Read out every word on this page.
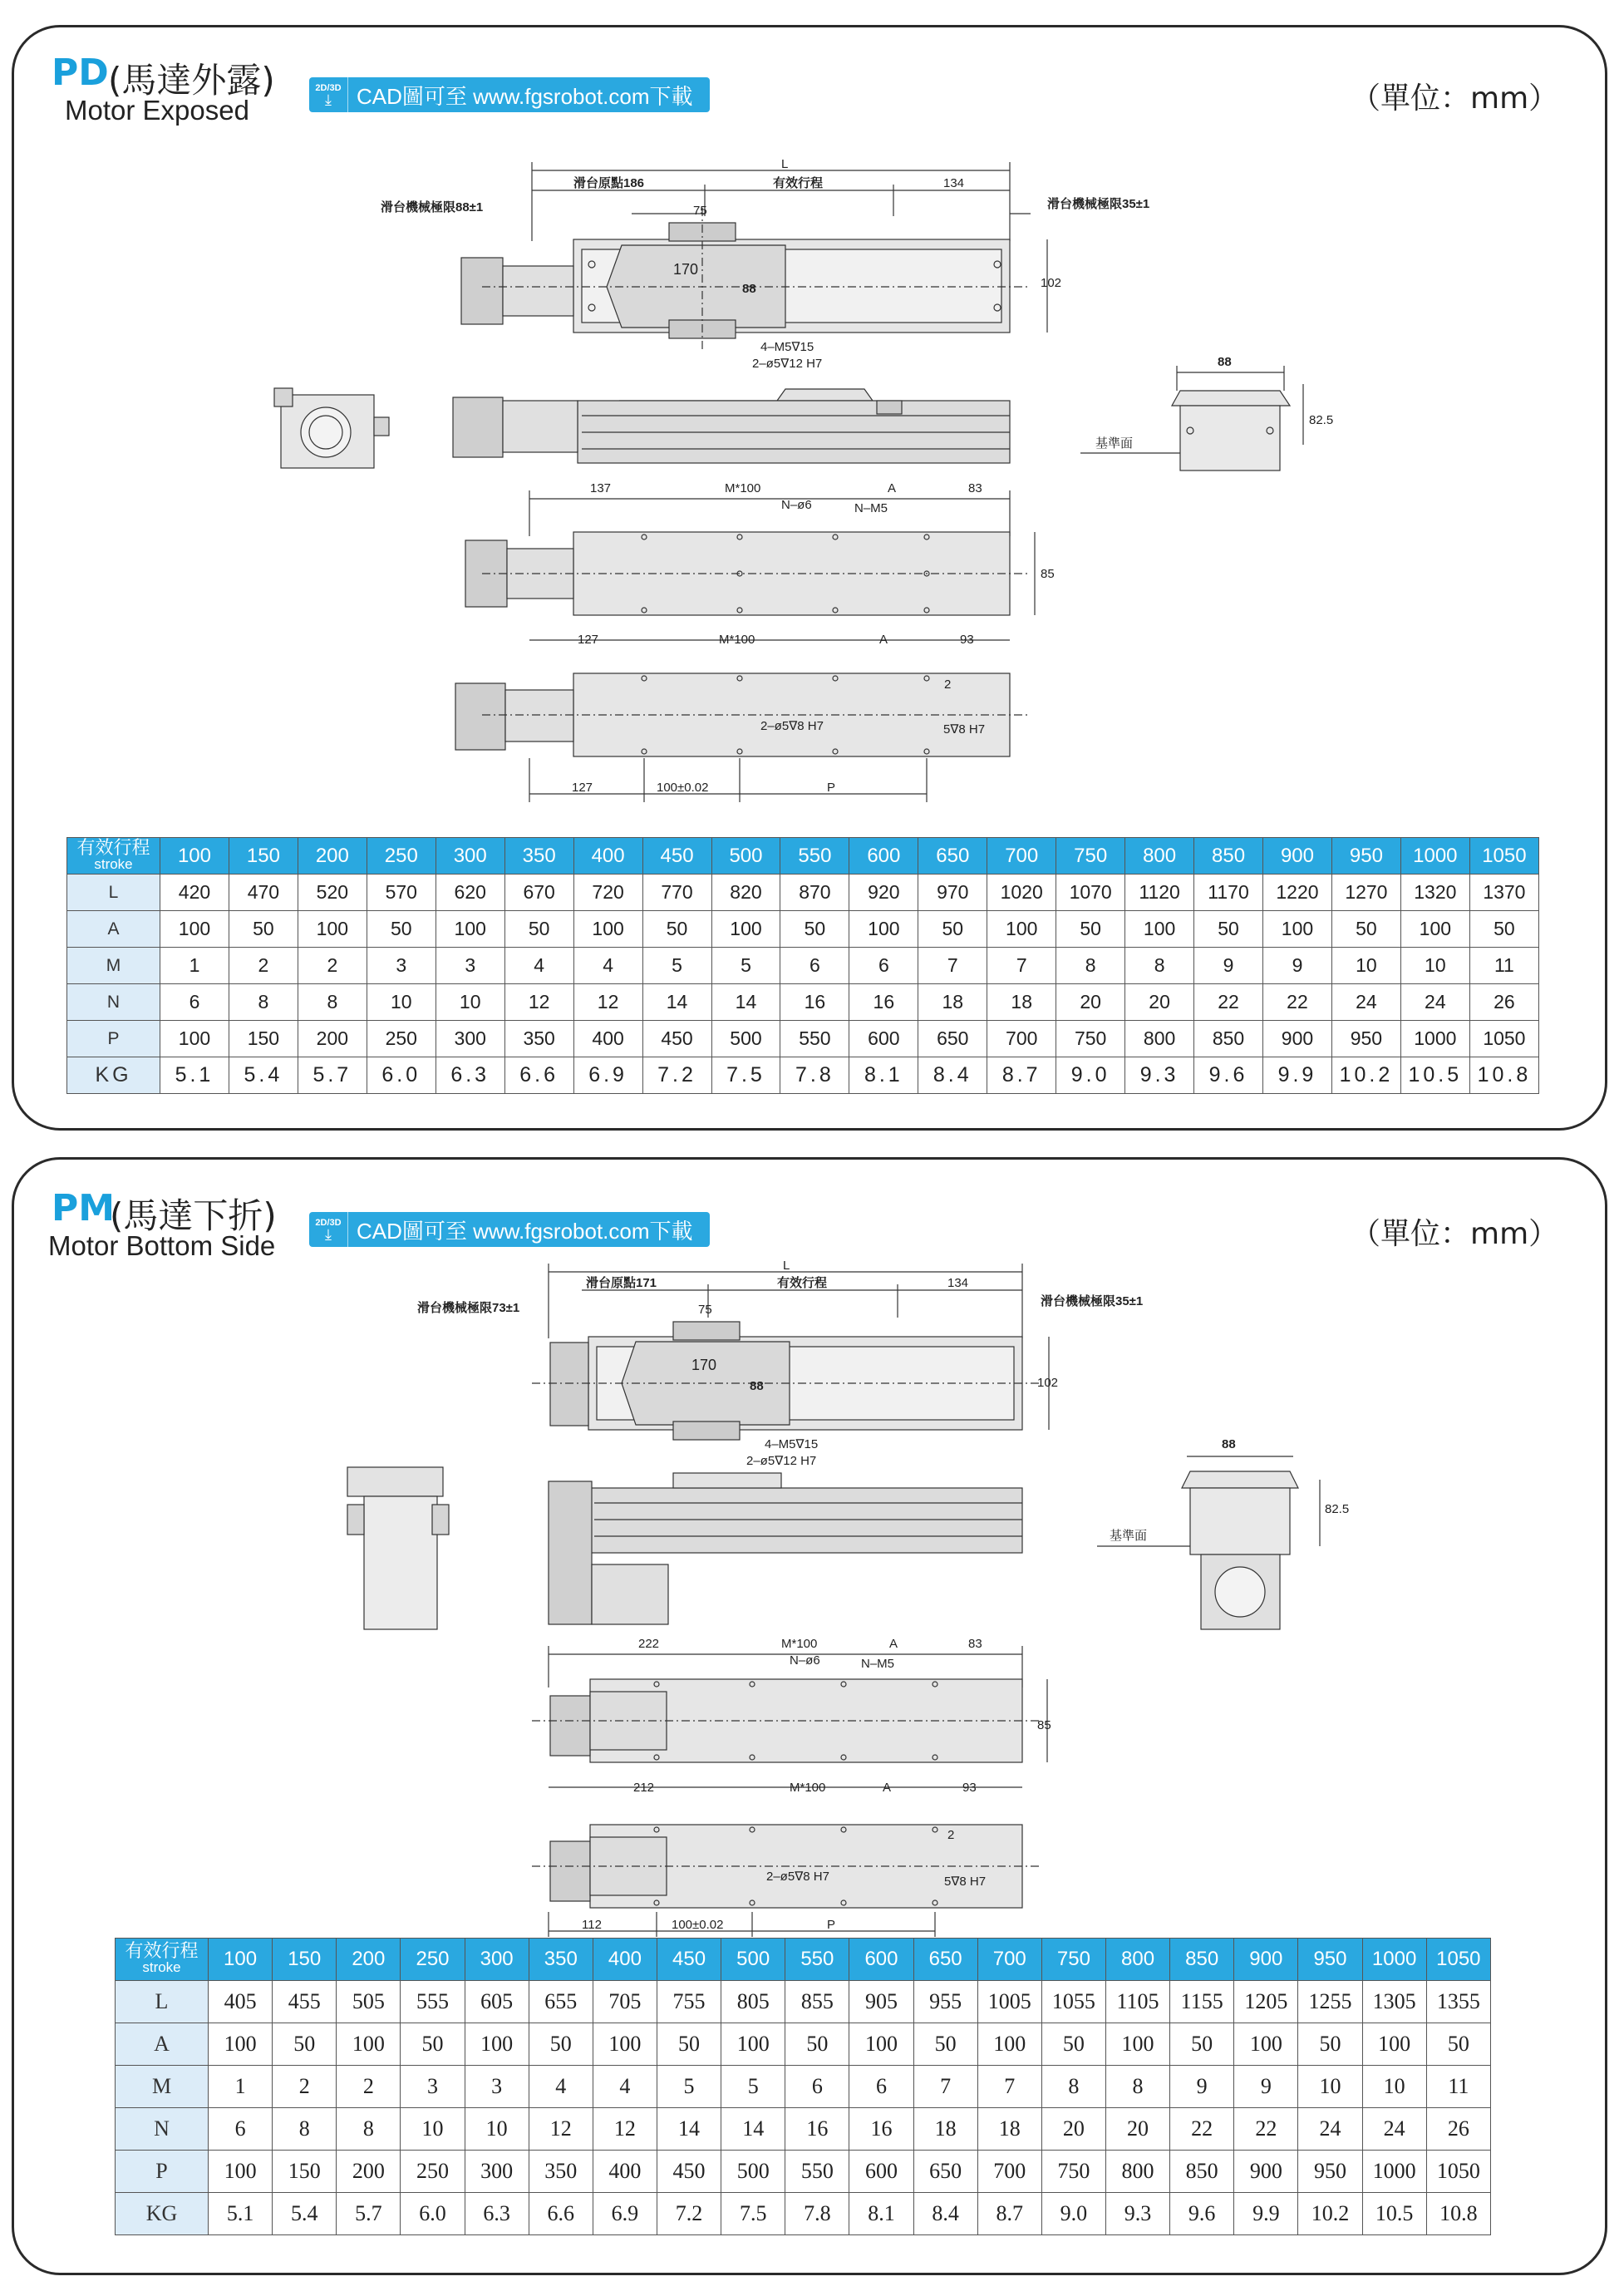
PD (馬達外露)
Motor Exposed
2D/3D
⤓ CAD圖可至 www.fgsrobot.com下載	（單位：mm）
L
滑台原點186	有效行程	134
滑台機械極限88±1	滑台機械極限35±1
75
170
88	102
4–M5∇15
2–ø5∇12 H7	88
82.5
基準面
137	M*100	A	83
N–ø6	N–M5
85
127	M*100	A	93
2
2–ø5∇8 H7	5∇8 H7
127	100±0.02	P
有效行程
stroke	100	150	200	250	300	350	400	450	500	550	600	650	700	750	800	850	900	950	1000	1050
L	420	470	520	570	620	670	720	770	820	870	920	970	1020	1070	1120	1170	1220	1270	1320	1370
A	100	50	100	50	100	50	100	50	100	50	100	50	100	50	100	50	100	50	100	50
M	1	2	2	3	3	4	4	5	5	6	6	7	7	8	8	9	9	10	10	11
N	6	8	8	10	10	12	12	14	14	16	16	18	18	20	20	22	22	24	24	26
P	100	150	200	250	300	350	400	450	500	550	600	650	700	750	800	850	900	950	1000	1050
KG	5.1	5.4	5.7	6.0	6.3	6.6	6.9	7.2	7.5	7.8	8.1	8.4	8.7	9.0	9.3	9.6	9.9	10.2	10.5	10.8
PM
(馬達下折)
Motor Bottom Side
2D/3D
⤓ CAD圖可至 www.fgsrobot.com下載	（單位：mm）
L
滑台原點171	有效行程	134
滑台機械極限73±1	滑台機械極限35±1
75
170
88	102
4–M5∇15
2–ø5∇12 H7
88
82.5
基準面
222	M*100	A	83
N–ø6	N–M5
85
212	M*100	A	93
2
2–ø5∇8 H7	5∇8 H7
112	100±0.02	P
有效行程
stroke	100	150	200	250	300	350	400	450	500	550	600	650	700	750	800	850	900	950	1000	1050
L	405	455	505	555	605	655	705	755	805	855	905	955	1005	1055	1105	1155	1205	1255	1305	1355
A	100	50	100	50	100	50	100	50	100	50	100	50	100	50	100	50	100	50	100	50
M	1	2	2	3	3	4	4	5	5	6	6	7	7	8	8	9	9	10	10	11
N	6	8	8	10	10	12	12	14	14	16	16	18	18	20	20	22	22	24	24	26
P	100	150	200	250	300	350	400	450	500	550	600	650	700	750	800	850	900	950	1000	1050
KG	5.1	5.4	5.7	6.0	6.3	6.6	6.9	7.2	7.5	7.8	8.1	8.4	8.7	9.0	9.3	9.6	9.9	10.2	10.5	10.8
